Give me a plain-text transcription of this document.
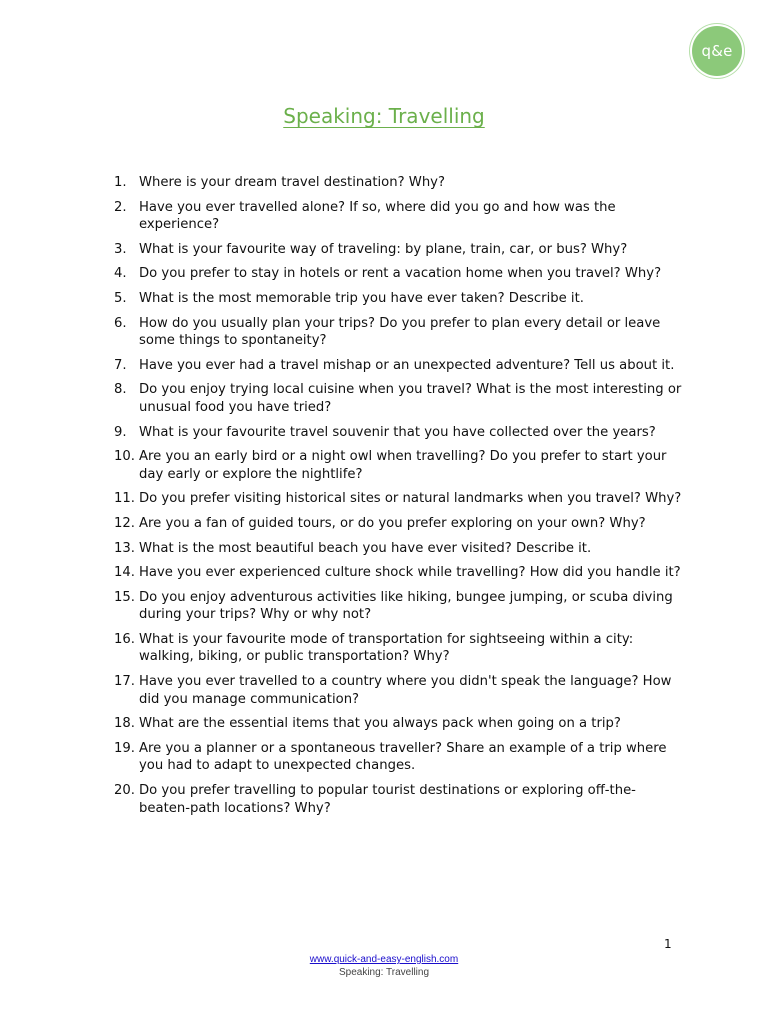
q&e
Speaking: Travelling
1. Where is your dream travel destination? Why?
2. Have you ever travelled alone? If so, where did you go and how was the experience?
3. What is your favourite way of traveling: by plane, train, car, or bus? Why?
4. Do you prefer to stay in hotels or rent a vacation home when you travel? Why?
5. What is the most memorable trip you have ever taken? Describe it.
6. How do you usually plan your trips? Do you prefer to plan every detail or leave some things to spontaneity?
7. Have you ever had a travel mishap or an unexpected adventure? Tell us about it.
8. Do you enjoy trying local cuisine when you travel? What is the most interesting or unusual food you have tried?
9. What is your favourite travel souvenir that you have collected over the years?
10. Are you an early bird or a night owl when travelling? Do you prefer to start your day early or explore the nightlife?
11. Do you prefer visiting historical sites or natural landmarks when you travel? Why?
12. Are you a fan of guided tours, or do you prefer exploring on your own? Why?
13. What is the most beautiful beach you have ever visited? Describe it.
14. Have you ever experienced culture shock while travelling? How did you handle it?
15. Do you enjoy adventurous activities like hiking, bungee jumping, or scuba diving during your trips? Why or why not?
16. What is your favourite mode of transportation for sightseeing within a city: walking, biking, or public transportation? Why?
17. Have you ever travelled to a country where you didn't speak the language? How did you manage communication?
18. What are the essential items that you always pack when going on a trip?
19. Are you a planner or a spontaneous traveller? Share an example of a trip where you had to adapt to unexpected changes.
20. Do you prefer travelling to popular tourist destinations or exploring off-the-beaten-path locations? Why?
1
www.quick-and-easy-english.com
Speaking: Travelling
